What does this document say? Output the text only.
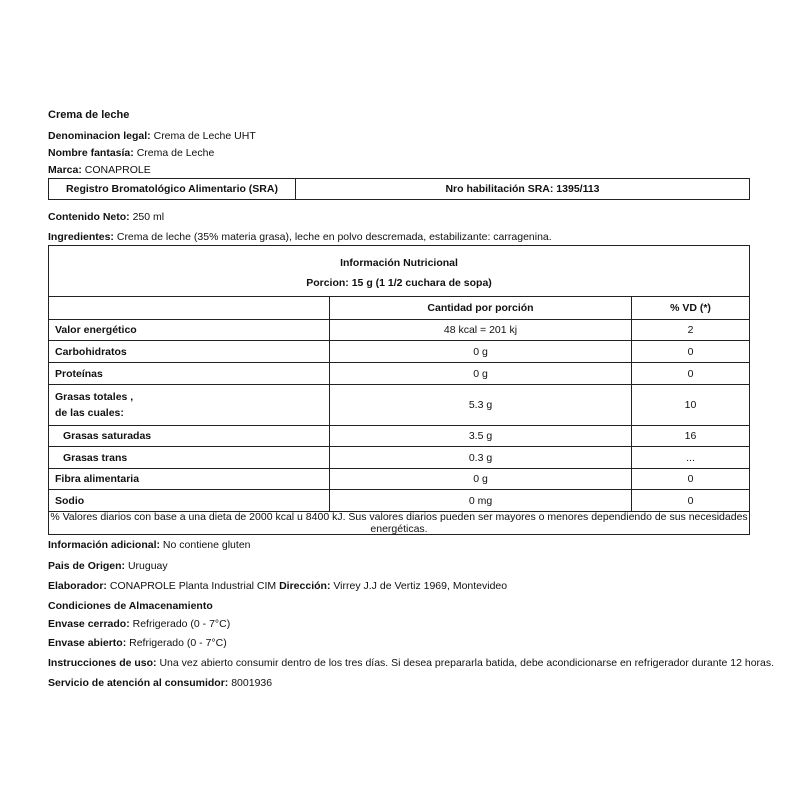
Crema de leche
Denominacion legal: Crema de Leche UHT
Nombre fantasía: Crema de Leche
Marca: CONAPROLE
Registro Bromatológico Alimentario (SRA)	Nro habilitación SRA: 1395/113
Contenido Neto: 250 ml
Ingredientes: Crema de leche (35% materia grasa), leche en polvo descremada, estabilizante: carragenina.
Información Nutricional
Porcion: 15 g (1 1/2 cuchara de sopa)
Cantidad por porción	% VD (*)
Valor energético	48 kcal = 201 kj	2
Carbohidratos	0 g	0
Proteínas	0 g	0
Grasas totales ,
de las cuales:
5.3 g	10
Grasas saturadas	3.5 g	16
Grasas trans	0.3 g	...
Fibra alimentaria	0 g	0
Sodio	0 mg	0
% Valores diarios con base a una dieta de 2000 kcal u 8400 kJ. Sus valores diarios pueden ser mayores o menores dependiendo de sus necesidades energéticas.
Información adicional: No contiene gluten
Pais de Origen: Uruguay
Elaborador: CONAPROLE Planta Industrial CIM Dirección: Virrey J.J de Vertiz 1969, Montevideo
Condiciones de Almacenamiento
Envase cerrado: Refrigerado (0 - 7°C)
Envase abierto: Refrigerado (0 - 7°C)
Instrucciones de uso: Una vez abierto consumir dentro de los tres días. Si desea prepararla batida, debe acondicionarse en refrigerador durante 12 horas.
Servicio de atención al consumidor: 8001936
